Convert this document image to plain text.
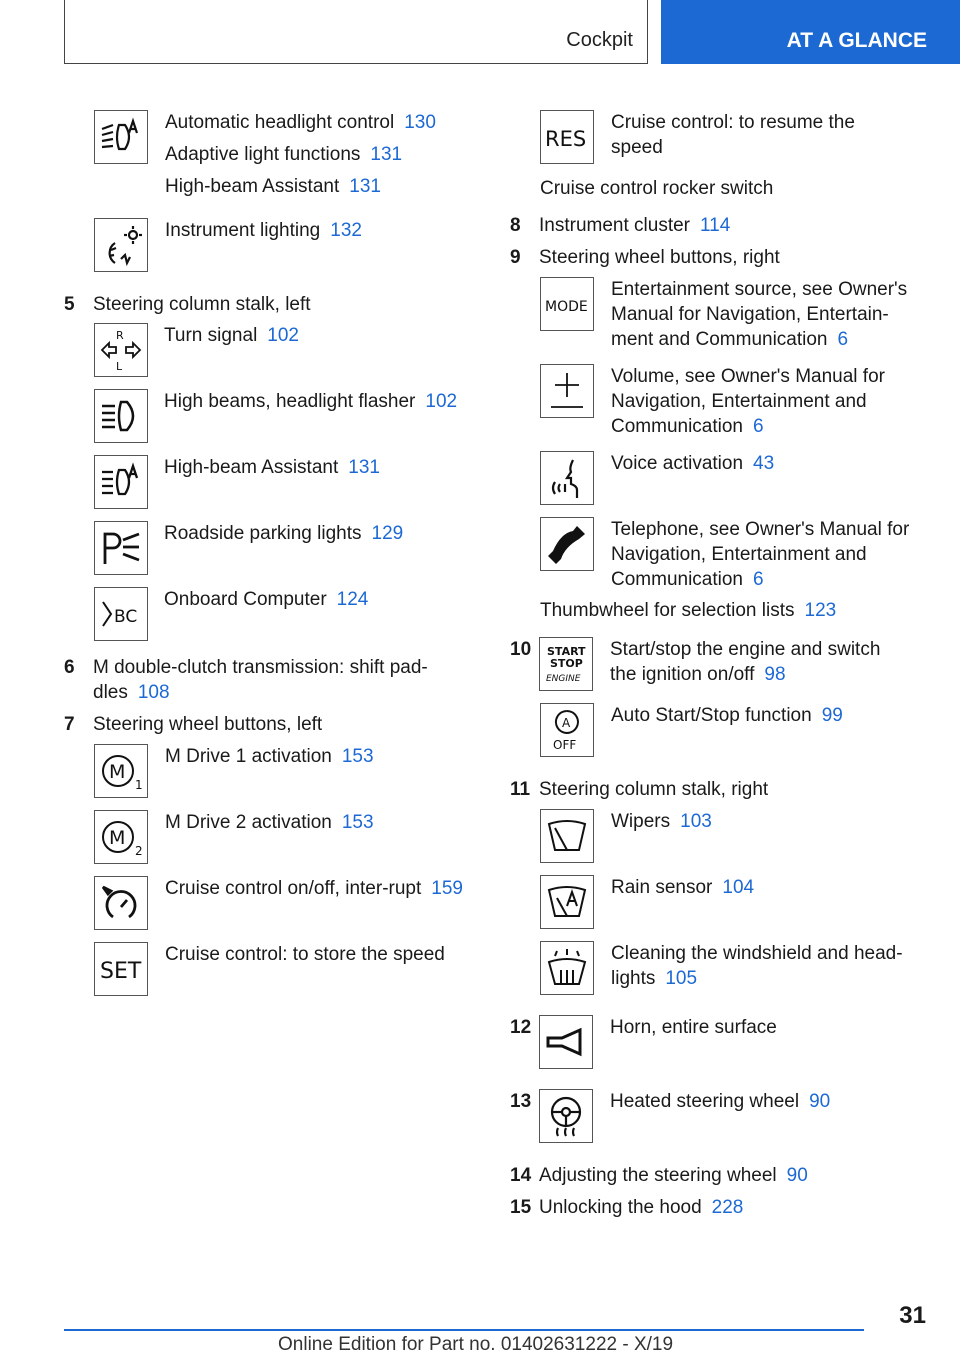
Cockpit	AT A GLANCE
Automatic headlight control 130
Adaptive light functions 131
High-beam Assistant 131
Instrument lighting 132
5 Steering column stalk, left
R
L
Turn signal 102
High beams, headlight flasher 102
High-beam Assistant 131
Roadside parking lights 129
BC
Onboard Computer 124
6 M double-clutch transmission: shift pad-dles 108
7 Steering wheel buttons, left
M
1
M Drive 1 activation 153
M
2
M Drive 2 activation 153
Cruise control on/off, inter-rupt 159
SET
Cruise control: to store the speed
RES
Cruise control: to resume the speed
Cruise control rocker switch
8 Instrument cluster 114
9 Steering wheel buttons, right
MODE
Entertainment source, see Owner's Manual for Navigation, Entertain-ment and Communication 6
Volume, see Owner's Manual for Navigation, Entertainment and Communication 6
Voice activation 43
Telephone, see Owner's Manual for Navigation, Entertainment and Communication 6
Thumbwheel for selection lists 123
10	START
STOP
ENGINE
Start/stop the engine and switch the ignition on/off 98
A
OFF
Auto Start/Stop function 99
11 Steering column stalk, right
Wipers 103
Rain sensor 104
Cleaning the windshield and head-lights 105
12	Horn, entire surface
13	Heated steering wheel 90
14 Adjusting the steering wheel 90
15 Unlocking the hood 228
31
Online Edition for Part no. 01402631222 - X/19
